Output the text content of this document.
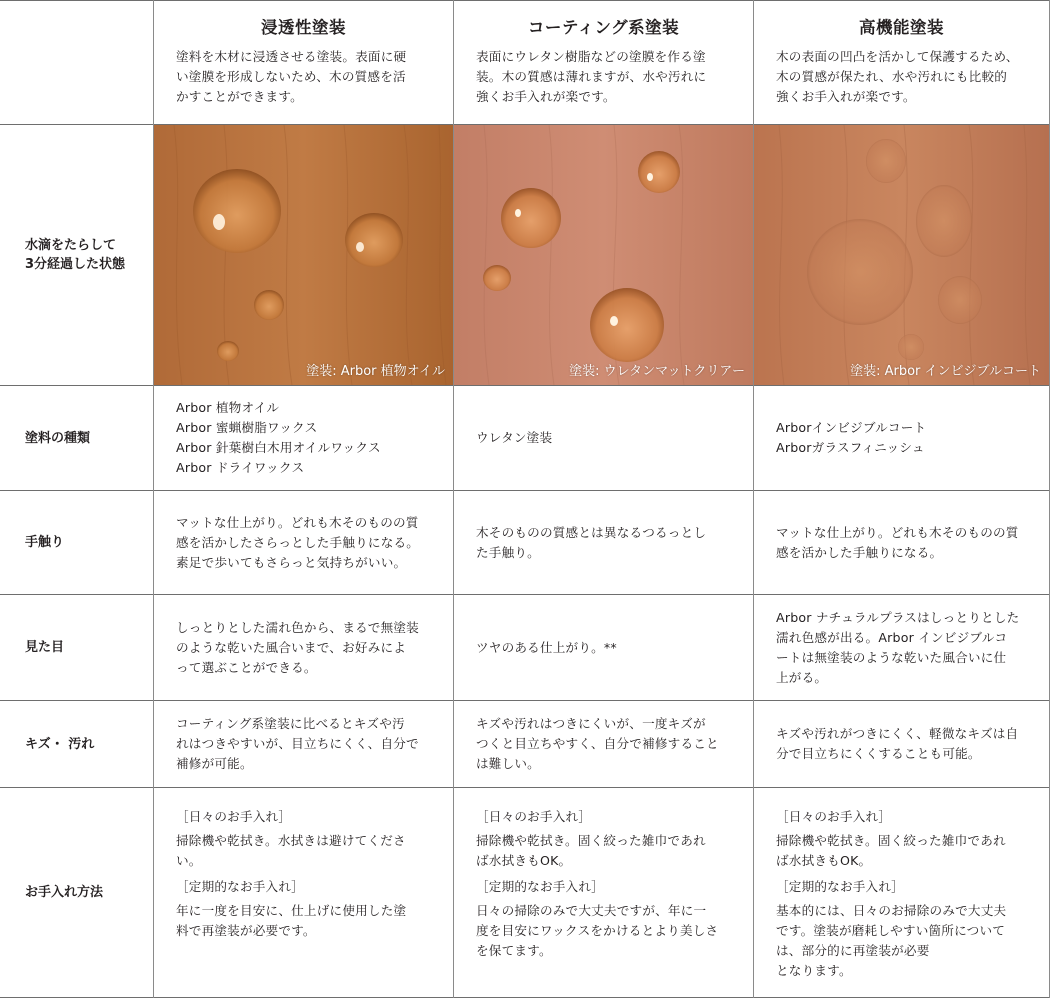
浸透性塗装
塗料を木材に浸透させる塗装。表面に硬
い塗膜を形成しないため、木の質感を活
かすことができます。
コーティング系塗装
表面にウレタン樹脂などの塗膜を作る塗
装。木の質感は薄れますが、水や汚れに
強くお手入れが楽です。
高機能塗装
木の表面の凹凸を活かして保護するため、
木の質感が保たれ、水や汚れにも比較的
強くお手入れが楽です。
水滴をたらして
3分経過した状態
塗料の種類
手触り
見た目
キズ・ 汚れ
お手入れ方法
塗装: Arbor 植物オイル	塗装: ウレタンマットクリアー	塗装: Arbor インビジブルコート
Arbor 植物オイル
Arbor 蜜蝋樹脂ワックス
Arbor 針葉樹白木用オイルワックス
Arbor ドライワックス
ウレタン塗装
Arborインビジブルコート
Arborガラスフィニッシュ
マットな仕上がり。どれも木そのものの質
感を活かしたさらっとした手触りになる。
素足で歩いてもさらっと気持ちがいい。
木そのものの質感とは異なるつるっとし
た手触り。
マットな仕上がり。どれも木そのものの質
感を活かした手触りになる。
しっとりとした濡れ色から、まるで無塗装
のような乾いた風合いまで、お好みによ
って選ぶことができる。
ツヤのある仕上がり。**
Arbor ナチュラルプラスはしっとりとした
濡れ色感が出る。Arbor インビジブルコ
ートは無塗装のような乾いた風合いに仕
上がる。
コーティング系塗装に比べるとキズや汚
れはつきやすいが、目立ちにくく、自分で
補修が可能。
キズや汚れはつきにくいが、一度キズが
つくと目立ちやすく、自分で補修すること
は難しい。
キズや汚れがつきにくく、軽微なキズは自
分で目立ちにくくすることも可能。
［日々のお手入れ］
掃除機や乾拭き。水拭きは避けてくださ
い。
［定期的なお手入れ］
年に一度を目安に、仕上げに使用した塗
料で再塗装が必要です。
［日々のお手入れ］
掃除機や乾拭き。固く絞った雑巾であれ
ば水拭きもOK。
［定期的なお手入れ］
日々の掃除のみで大丈夫ですが、年に一
度を目安にワックスをかけるとより美しさ
を保てます。
［日々のお手入れ］
掃除機や乾拭き。固く絞った雑巾であれ
ば水拭きもOK。
［定期的なお手入れ］
基本的には、日々のお掃除のみで大丈夫
です。塗装が磨耗しやすい箇所について
は、部分的に再塗装が必要
となります。
